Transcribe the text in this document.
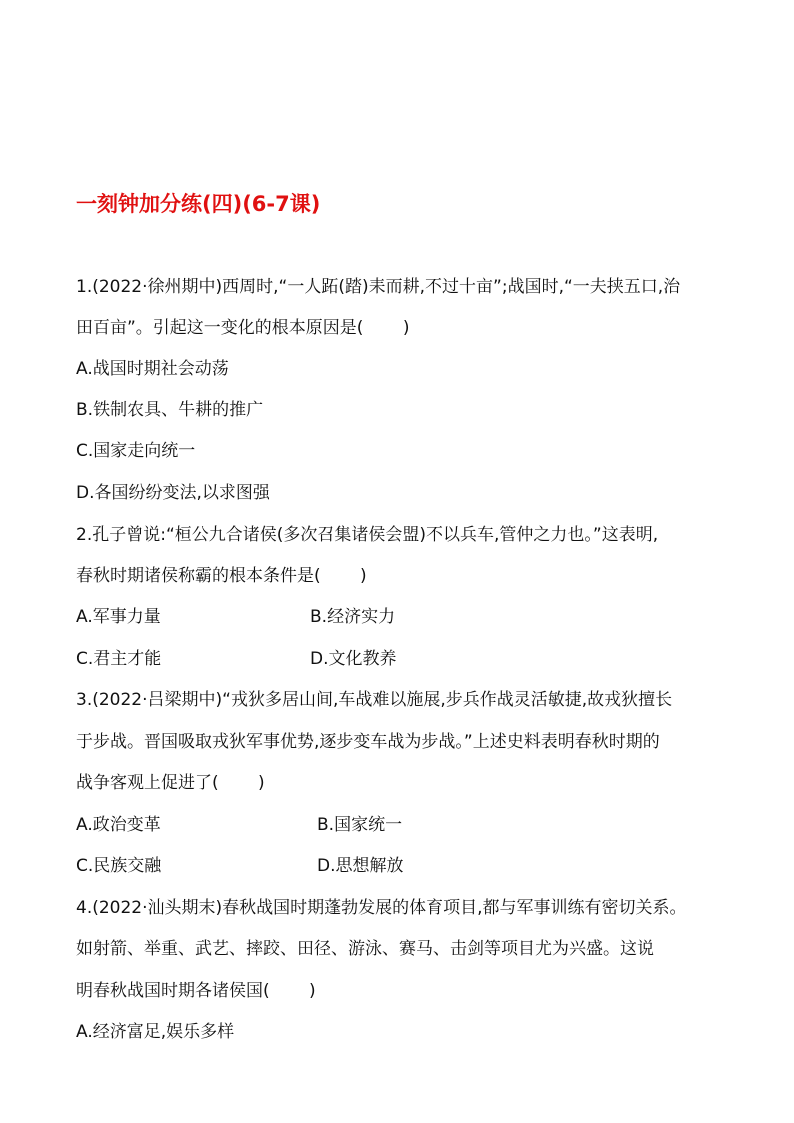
一刻钟加分练(四)(6-7课)
1.(2022·徐州期中)西周时,“一人跖(踏)耒而耕,不过十亩”;战国时,“一夫挟五口,治
田百亩”。引起这一变化的根本原因是(　　 )
A.战国时期社会动荡
B.铁制农具、牛耕的推广
C.国家走向统一
D.各国纷纷变法,以求图强
2.孔子曾说:“桓公九合诸侯(多次召集诸侯会盟)不以兵车,管仲之力也。”这表明,
春秋时期诸侯称霸的根本条件是(　　 )
A.军事力量	B.经济实力
C.君主才能	D.文化教养
3.(2022·吕梁期中)“戎狄多居山间,车战难以施展,步兵作战灵活敏捷,故戎狄擅长
于步战。晋国吸取戎狄军事优势,逐步变车战为步战。”上述史料表明春秋时期的
战争客观上促进了(　　 )
A.政治变革	B.国家统一
C.民族交融	D.思想解放
4.(2022·汕头期末)春秋战国时期蓬勃发展的体育项目,都与军事训练有密切关系。
如射箭、举重、武艺、摔跤、田径、游泳、赛马、击剑等项目尤为兴盛。这说
明春秋战国时期各诸侯国(　　 )
A.经济富足,娱乐多样
